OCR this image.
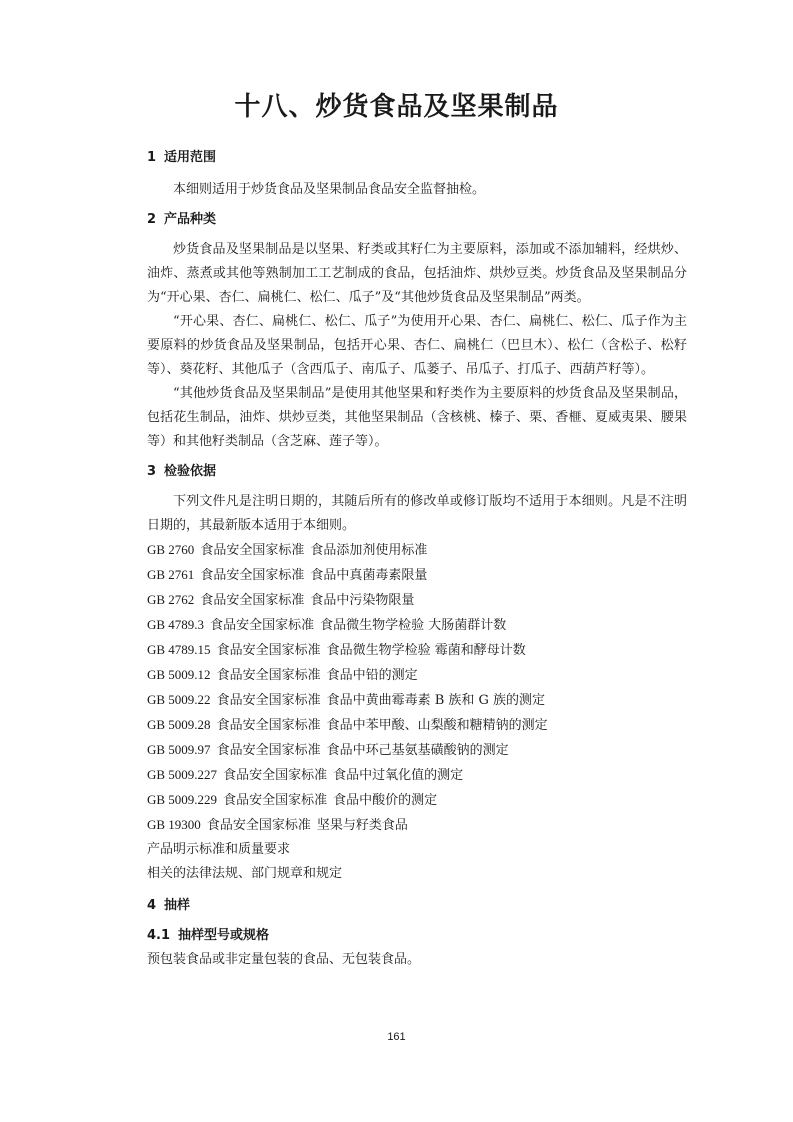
十八、炒货食品及坚果制品
1 适用范围

本细则适用于炒货食品及坚果制品食品安全监督抽检。

2 产品种类

炒货食品及坚果制品是以坚果、籽类或其籽仁为主要原料，添加或不添加辅料，经烘炒、油炸、蒸煮或其他等熟制加工工艺制成的食品，包括油炸、烘炒豆类。炒货食品及坚果制品分为“开心果、杏仁、扁桃仁、松仁、瓜子”及“其他炒货食品及坚果制品”两类。

“开心果、杏仁、扁桃仁、松仁、瓜子”为使用开心果、杏仁、扁桃仁、松仁、瓜子作为主要原料的炒货食品及坚果制品，包括开心果、杏仁、扁桃仁（巴旦木）、松仁（含松子、松籽等）、葵花籽、其他瓜子（含西瓜子、南瓜子、瓜蒌子、吊瓜子、打瓜子、西葫芦籽等）。

“其他炒货食品及坚果制品”是使用其他坚果和籽类作为主要原料的炒货食品及坚果制品，包括花生制品，油炸、烘炒豆类，其他坚果制品（含核桃、榛子、栗、香榧、夏威夷果、腰果等）和其他籽类制品（含芝麻、莲子等）。

3 检验依据

下列文件凡是注明日期的，其随后所有的修改单或修订版均不适用于本细则。凡是不注明日期的，其最新版本适用于本细则。

GB 2760 食品安全国家标准 食品添加剂使用标准

GB 2761 食品安全国家标准 食品中真菌毒素限量

GB 2762 食品安全国家标准 食品中污染物限量

GB 4789.3 食品安全国家标准 食品微生物学检验 大肠菌群计数

GB 4789.15 食品安全国家标准 食品微生物学检验 霉菌和酵母计数

GB 5009.12 食品安全国家标准 食品中铅的测定

GB 5009.22 食品安全国家标准 食品中黄曲霉毒素 B 族和 G 族的测定

GB 5009.28 食品安全国家标准 食品中苯甲酸、山梨酸和糖精钠的测定

GB 5009.97 食品安全国家标准 食品中环己基氨基磺酸钠的测定

GB 5009.227 食品安全国家标准 食品中过氧化值的测定

GB 5009.229 食品安全国家标准 食品中酸价的测定

GB 19300 食品安全国家标准 坚果与籽类食品

产品明示标准和质量要求

相关的法律法规、部门规章和规定

4 抽样
4.1 抽样型号或规格

预包装食品或非定量包装的食品、无包装食品。

161
